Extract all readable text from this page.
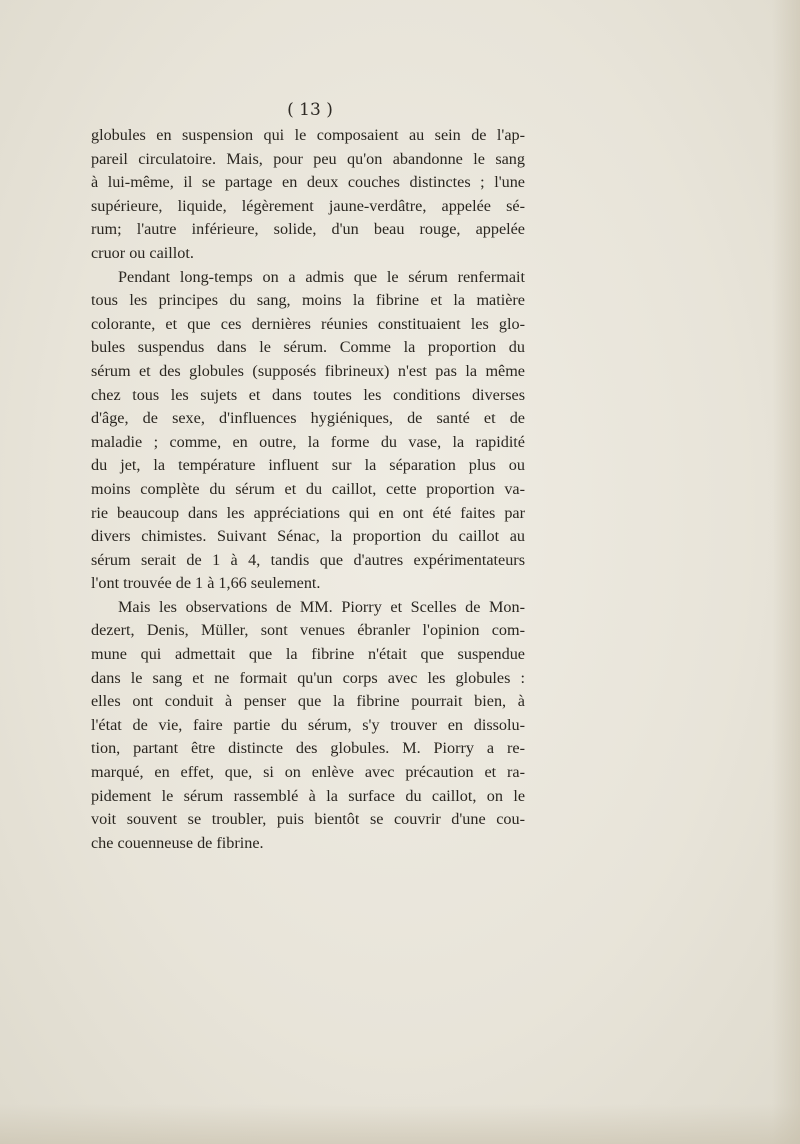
( 13 )
globules en suspension qui le composaient au sein de l'ap-
pareil circulatoire. Mais, pour peu qu'on abandonne le sang
à lui-même, il se partage en deux couches distinctes ; l'une
supérieure, liquide, légèrement jaune-verdâtre, appelée sé-
rum; l'autre inférieure, solide, d'un beau rouge, appelée
cruor ou caillot.
Pendant long-temps on a admis que le sérum renfermait
tous les principes du sang, moins la fibrine et la matière
colorante, et que ces dernières réunies constituaient les glo-
bules suspendus dans le sérum. Comme la proportion du
sérum et des globules (supposés fibrineux) n'est pas la même
chez tous les sujets et dans toutes les conditions diverses
d'âge, de sexe, d'influences hygiéniques, de santé et de
maladie ; comme, en outre, la forme du vase, la rapidité
du jet, la température influent sur la séparation plus ou
moins complète du sérum et du caillot, cette proportion va-
rie beaucoup dans les appréciations qui en ont été faites par
divers chimistes. Suivant Sénac, la proportion du caillot au
sérum serait de 1 à 4, tandis que d'autres expérimentateurs
l'ont trouvée de 1 à 1,66 seulement.
Mais les observations de MM. Piorry et Scelles de Mon-
dezert, Denis, Müller, sont venues ébranler l'opinion com-
mune qui admettait que la fibrine n'était que suspendue
dans le sang et ne formait qu'un corps avec les globules :
elles ont conduit à penser que la fibrine pourrait bien, à
l'état de vie, faire partie du sérum, s'y trouver en dissolu-
tion, partant être distincte des globules. M. Piorry a re-
marqué, en effet, que, si on enlève avec précaution et ra-
pidement le sérum rassemblé à la surface du caillot, on le
voit souvent se troubler, puis bientôt se couvrir d'une cou-
che couenneuse de fibrine.
